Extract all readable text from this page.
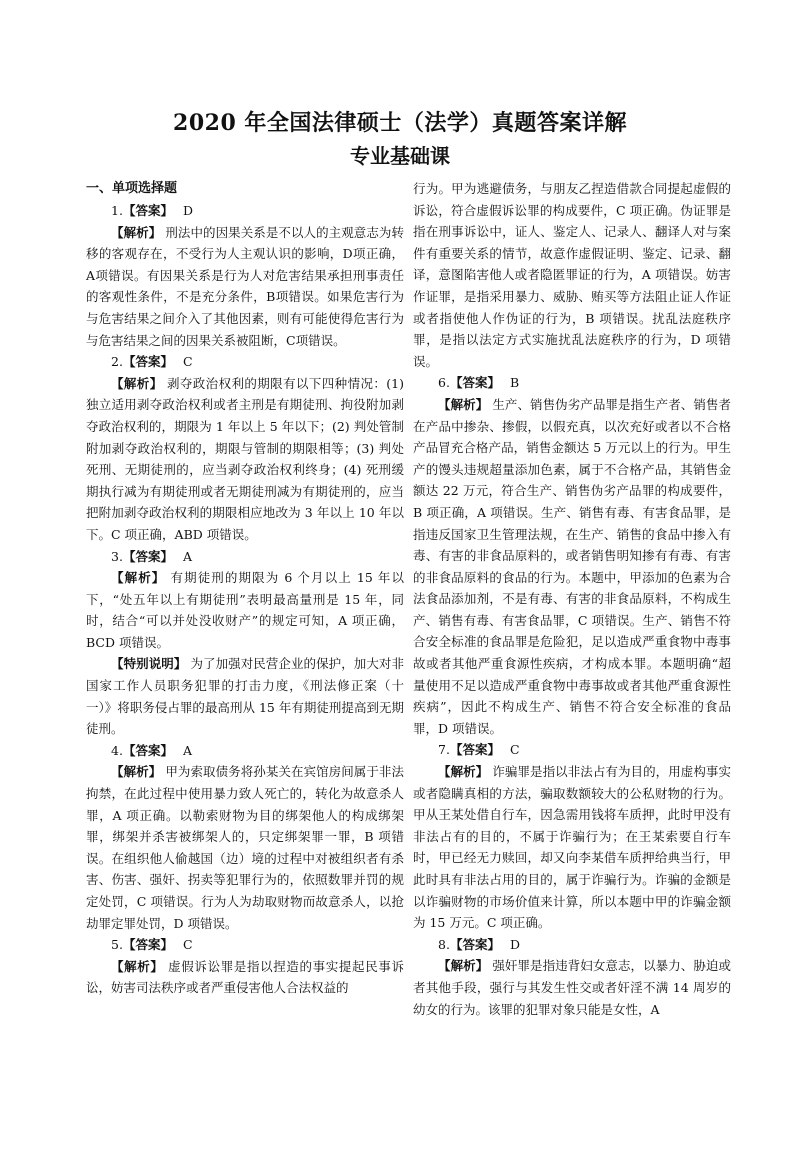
2020 年全国法律硕士（法学）真题答案详解
专业基础课
一、单项选择题
1.【答案】 D

【解析】 刑法中的因果关系是不以人的主观意志为转移的客观存在，不受行为人主观认识的影响，D项正确，A项错误。有因果关系是行为人对危害结果承担刑事责任的客观性条件，不是充分条件，B项错误。如果危害行为与危害结果之间介入了其他因素，则有可能使得危害行为与危害结果之间的因果关系被阻断，C项错误。

2.【答案】 C

【解析】 剥夺政治权利的期限有以下四种情况：(1) 独立适用剥夺政治权利或者主刑是有期徒刑、拘役附加剥夺政治权利的，期限为 1 年以上 5 年以下；(2) 判处管制附加剥夺政治权利的，期限与管制的期限相等；(3) 判处死刑、无期徒刑的，应当剥夺政治权利终身；(4) 死刑缓期执行减为有期徒刑或者无期徒刑减为有期徒刑的，应当把附加剥夺政治权利的期限相应地改为 3 年以上 10 年以下。C 项正确，ABD 项错误。

3.【答案】 A

【解析】 有期徒刑的期限为 6 个月以上 15 年以下，“处五年以上有期徒刑”表明最高量刑是 15 年，同时，结合“可以并处没收财产”的规定可知，A 项正确，BCD 项错误。

【特别说明】 为了加强对民营企业的保护，加大对非国家工作人员职务犯罪的打击力度，《刑法修正案（十一）》将职务侵占罪的最高刑从 15 年有期徒刑提高到无期徒刑。

4.【答案】 A

【解析】 甲为索取债务将孙某关在宾馆房间属于非法拘禁，在此过程中使用暴力致人死亡的，转化为故意杀人罪，A 项正确。以勒索财物为目的绑架他人的构成绑架罪，绑架并杀害被绑架人的，只定绑架罪一罪，B 项错误。在组织他人偷越国（边）境的过程中对被组织者有杀害、伤害、强奸、拐卖等犯罪行为的，依照数罪并罚的规定处罚，C 项错误。行为人为劫取财物而故意杀人，以抢劫罪定罪处罚，D 项错误。

5.【答案】 C

【解析】 虚假诉讼罪是指以捏造的事实提起民事诉讼，妨害司法秩序或者严重侵害他人合法权益的

行为。甲为逃避债务，与朋友乙捏造借款合同提起虚假的诉讼，符合虚假诉讼罪的构成要件，C 项正确。伪证罪是指在刑事诉讼中，证人、鉴定人、记录人、翻译人对与案件有重要关系的情节，故意作虚假证明、鉴定、记录、翻译，意图陷害他人或者隐匿罪证的行为，A 项错误。妨害作证罪，是指采用暴力、威胁、贿买等方法阻止证人作证或者指使他人作伪证的行为，B 项错误。扰乱法庭秩序罪，是指以法定方式实施扰乱法庭秩序的行为，D 项错误。

6.【答案】 B

【解析】 生产、销售伪劣产品罪是指生产者、销售者在产品中掺杂、掺假，以假充真，以次充好或者以不合格产品冒充合格产品，销售金额达 5 万元以上的行为。甲生产的馒头违规超量添加色素，属于不合格产品，其销售金额达 22 万元，符合生产、销售伪劣产品罪的构成要件，B 项正确，A 项错误。生产、销售有毒、有害食品罪，是指违反国家卫生管理法规，在生产、销售的食品中掺入有毒、有害的非食品原料的，或者销售明知掺有有毒、有害的非食品原料的食品的行为。本题中，甲添加的色素为合法食品添加剂，不是有毒、有害的非食品原料，不构成生产、销售有毒、有害食品罪，C 项错误。生产、销售不符合安全标准的食品罪是危险犯，足以造成严重食物中毒事故或者其他严重食源性疾病，才构成本罪。本题明确“超量使用不足以造成严重食物中毒事故或者其他严重食源性疾病”，因此不构成生产、销售不符合安全标准的食品罪，D 项错误。

7.【答案】 C

【解析】 诈骗罪是指以非法占有为目的，用虚构事实或者隐瞒真相的方法，骗取数额较大的公私财物的行为。甲从王某处借自行车，因急需用钱将车质押，此时甲没有非法占有的目的，不属于诈骗行为；在王某索要自行车时，甲已经无力赎回，却又向李某借车质押给典当行，甲此时具有非法占用的目的，属于诈骗行为。诈骗的金额是以诈骗财物的市场价值来计算，所以本题中甲的诈骗金额为 15 万元。C 项正确。

8.【答案】 D

【解析】 强奸罪是指违背妇女意志，以暴力、胁迫或者其他手段，强行与其发生性交或者奸淫不满 14 周岁的幼女的行为。该罪的犯罪对象只能是女性，A
